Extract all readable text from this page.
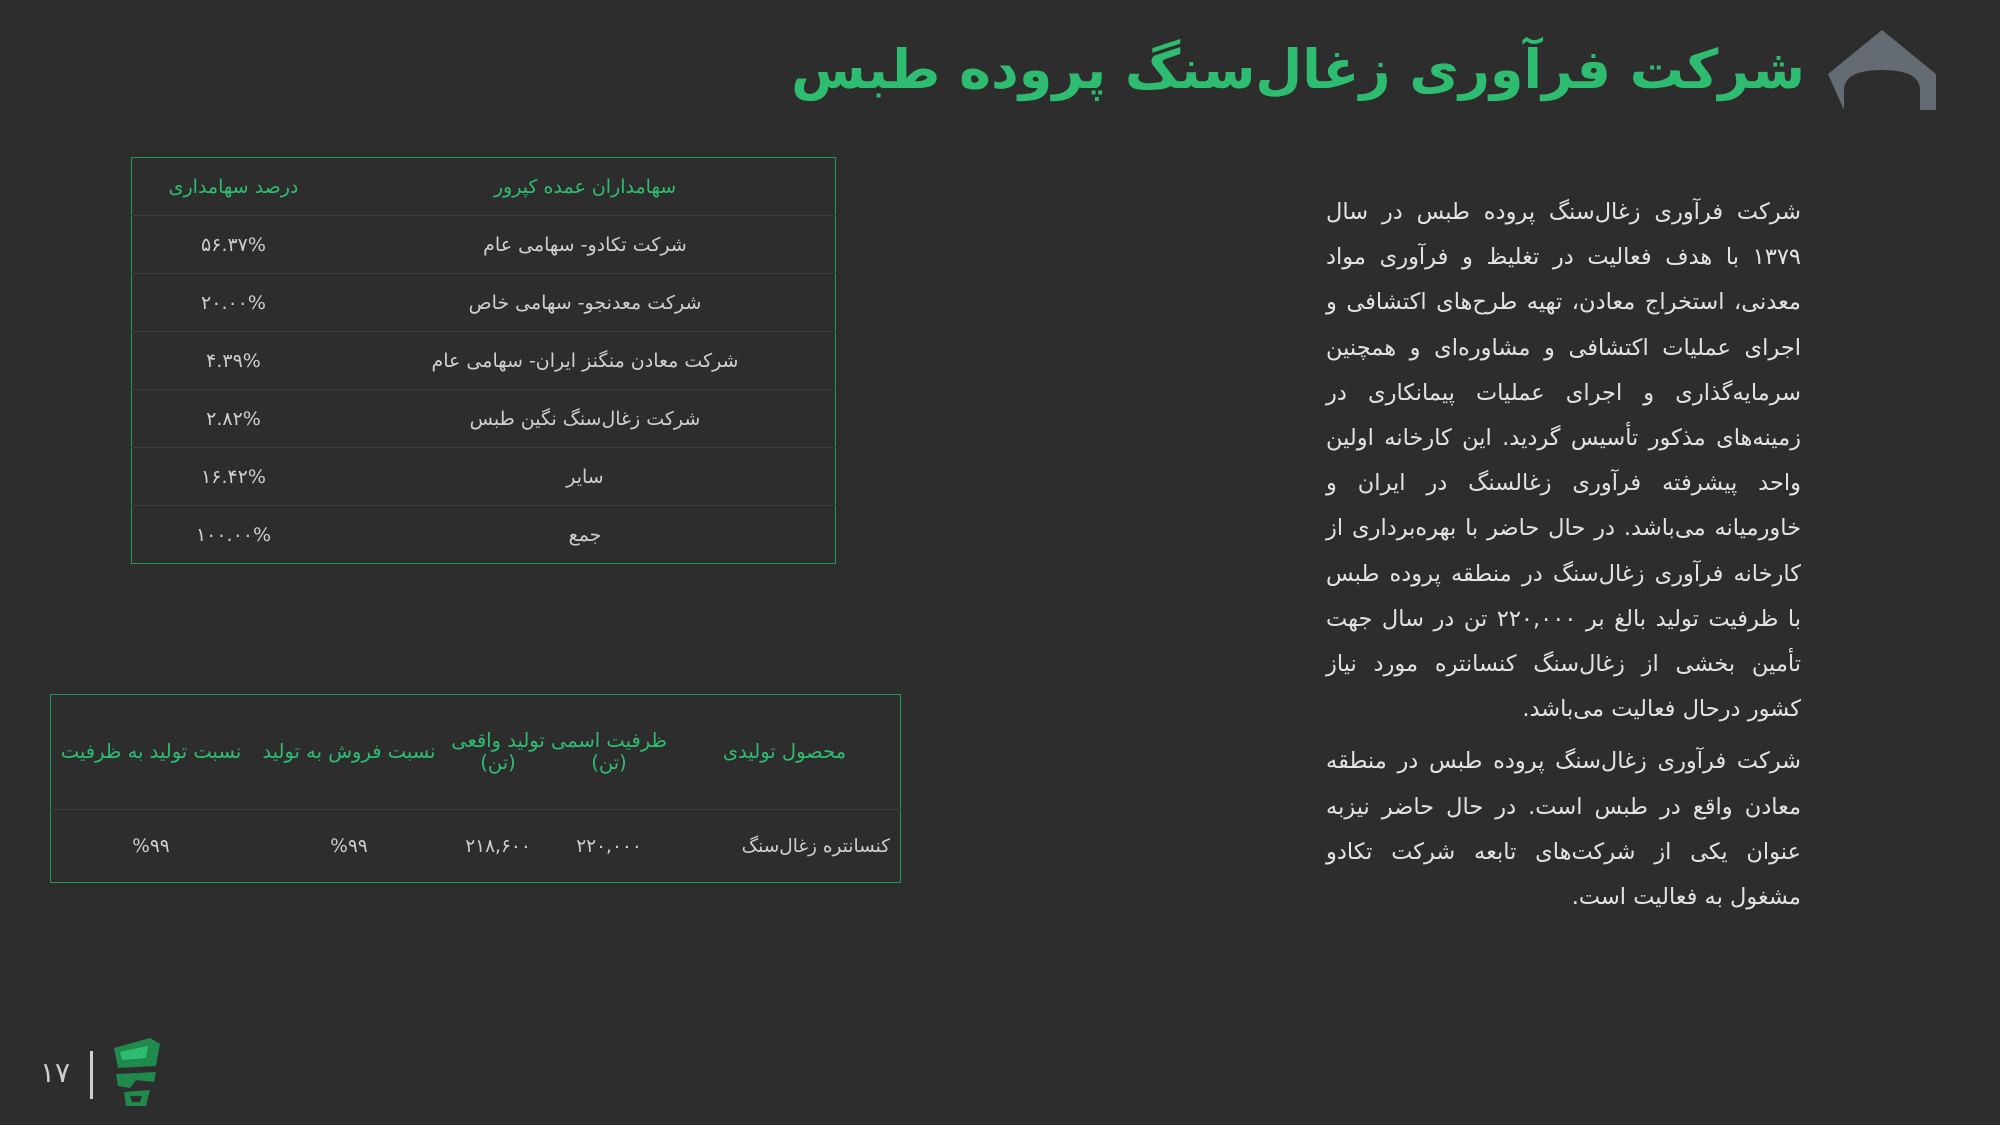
شرکت فرآوری زغال‌سنگ پروده طبس

شرکت فرآوری زغال‌سنگ پروده طبس در سال ۱۳۷۹ با هدف فعالیت در تغلیظ و فرآوری مواد معدنی، استخراج معادن، تهیه طرح‌های اکتشافی و اجرای عملیات اکتشافی و مشاوره‌ای و همچنین سرمایه‌گذاری و اجرای عملیات پیمانکاری در زمینه‌های مذکور تأسیس گردید. این کارخانه اولین واحد پیشرفته فرآوری زغالسنگ در ایران و خاورمیانه می‌باشد. در حال حاضر با بهره‌برداری از کارخانه فرآوری زغال‌سنگ در منطقه پروده طبس با ظرفیت تولید بالغ بر ۲۲۰,۰۰۰ تن در سال جهت تأمین بخشی از زغال‌سنگ کنسانتره مورد نیاز کشور درحال فعالیت می‌باشد.

شرکت فرآوری زغال‌سنگ پروده طبس در منطقه معادن واقع در طبس است. در حال حاضر نیزبه عنوان یکی از شرکت‌های تابعه شرکت تکادو مشغول به فعالیت است.

سهامداران عمده کپرور	درصد سهامداری
شرکت تکادو- سهامی عام	۵۶.۳۷%
شرکت معدنجو- سهامی خاص	۲۰.۰۰%
شرکت معادن منگنز ایران- سهامی عام	۴.۳۹%
شرکت زغال‌سنگ نگین طبس	۲.۸۲%
سایر	۱۶.۴۲%
جمع	۱۰۰.۰۰%
محصول تولیدی	ظرفیت اسمی (تن)	تولید واقعی (تن)	نسبت فروش به تولید	نسبت تولید به ظرفیت
کنسانتره زغال‌سنگ	۲۲۰,۰۰۰	۲۱۸,۶۰۰	%۹۹	%۹۹
۱۷
